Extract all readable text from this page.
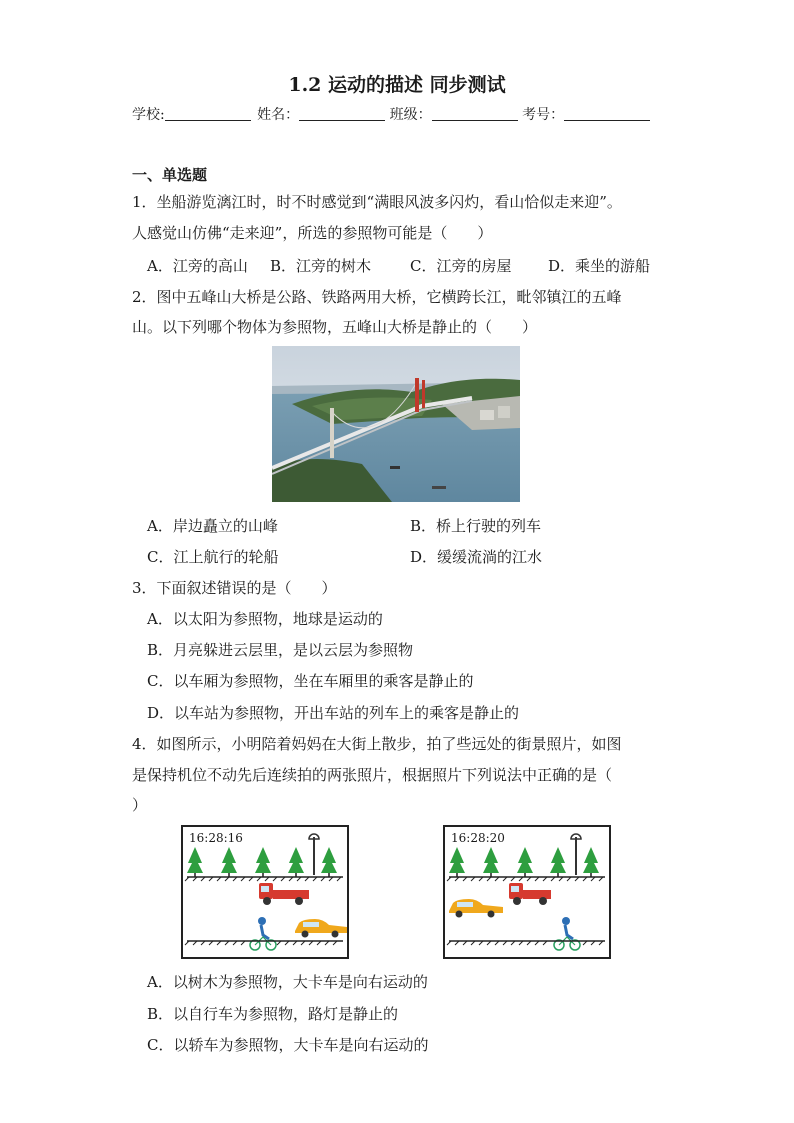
1.2 运动的描述 同步测试
学校:	姓名：	班级：	考号：
一、单选题
1．坐船游览漓江时，时不时感觉到“满眼风波多闪灼，看山恰似走来迎”。
人感觉山仿佛“走来迎”，所选的参照物可能是（　　）
A．江旁的高山 B．江旁的树木	C．江旁的房屋 D．乘坐的游船
2．图中五峰山大桥是公路、铁路两用大桥，它横跨长江，毗邻镇江的五峰
山。以下列哪个物体为参照物，五峰山大桥是静止的（　　）
A．岸边矗立的山峰	B．桥上行驶的列车
C．江上航行的轮船	D．缓缓流淌的江水
3．下面叙述错误的是（　　）
A．以太阳为参照物，地球是运动的
B．月亮躲进云层里，是以云层为参照物
C．以车厢为参照物，坐在车厢里的乘客是静止的
D．以车站为参照物，开出车站的列车上的乘客是静止的
4．如图所示，小明陪着妈妈在大街上散步，拍了些远处的街景照片，如图
是保持机位不动先后连续拍的两张照片，根据照片下列说法中正确的是（
）
16:28:16	16:28:20
A．以树木为参照物，大卡车是向右运动的
B．以自行车为参照物，路灯是静止的
C．以轿车为参照物，大卡车是向右运动的
